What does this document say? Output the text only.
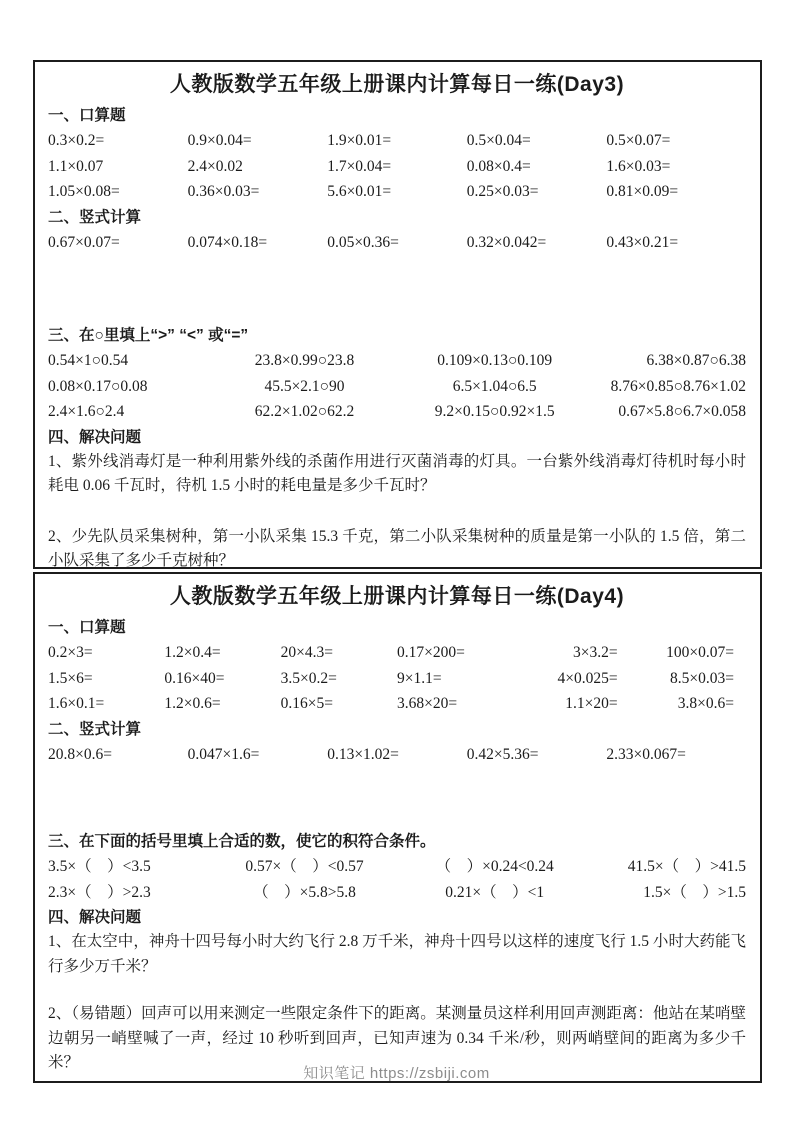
人教版数学五年级上册课内计算每日一练(Day3)
一、口算题
0.3×0.2=	0.9×0.04=	1.9×0.01=	0.5×0.04=	0.5×0.07=
1.1×0.07	2.4×0.02	1.7×0.04=	0.08×0.4=	1.6×0.03=
1.05×0.08=	0.36×0.03=	5.6×0.01=	0.25×0.03=	0.81×0.09=
二、竖式计算
0.67×0.07=	0.074×0.18=	0.05×0.36=	0.32×0.042=	0.43×0.21=
三、在○里填上“>” “<” 或“=”
0.54×1○0.54	23.8×0.99○23.8	0.109×0.13○0.109	6.38×0.87○6.38
0.08×0.17○0.08	45.5×2.1○90	6.5×1.04○6.5	8.76×0.85○8.76×1.02
2.4×1.6○2.4	62.2×1.02○62.2	9.2×0.15○0.92×1.5	0.67×5.8○6.7×0.058
四、解决问题

1、紫外线消毒灯是一种利用紫外线的杀菌作用进行灭菌消毒的灯具。一台紫外线消毒灯待机时每小时耗电 0.06 千瓦时，待机 1.5 小时的耗电量是多少千瓦时？

2、少先队员采集树种，第一小队采集 15.3 千克，第二小队采集树种的质量是第一小队的 1.5 倍，第二小队采集了多少千克树种？

人教版数学五年级上册课内计算每日一练(Day4)
一、口算题
0.2×3=	1.2×0.4=	20×4.3=	0.17×200=	3×3.2=	100×0.07=
1.5×6=	0.16×40=	3.5×0.2=	9×1.1=	4×0.025=	8.5×0.03=
1.6×0.1=	1.2×0.6=	0.16×5=	3.68×20=	1.1×20=	3.8×0.6=
二、竖式计算
20.8×0.6=	0.047×1.6=	0.13×1.02=	0.42×5.36=	2.33×0.067=
三、在下面的括号里填上合适的数，使它的积符合条件。
3.5×（　）<3.5	0.57×（　）<0.57	（　）×0.24<0.24	41.5×（　）>41.5
2.3×（　）>2.3	（　）×5.8>5.8	0.21×（　）<1	1.5×（　）>1.5
四、解决问题

1、在太空中，神舟十四号每小时大约飞行 2.8 万千米，神舟十四号以这样的速度飞行 1.5 小时大药能飞行多少万千米？

2、（易错题）回声可以用来测定一些限定条件下的距离。某测量员这样利用回声测距离：他站在某哨壁边朝另一峭壁喊了一声，经过 10 秒听到回声，已知声速为 0.34 千米/秒，则两峭壁间的距离为多少千米？

知识笔记 https://zsbiji.com
